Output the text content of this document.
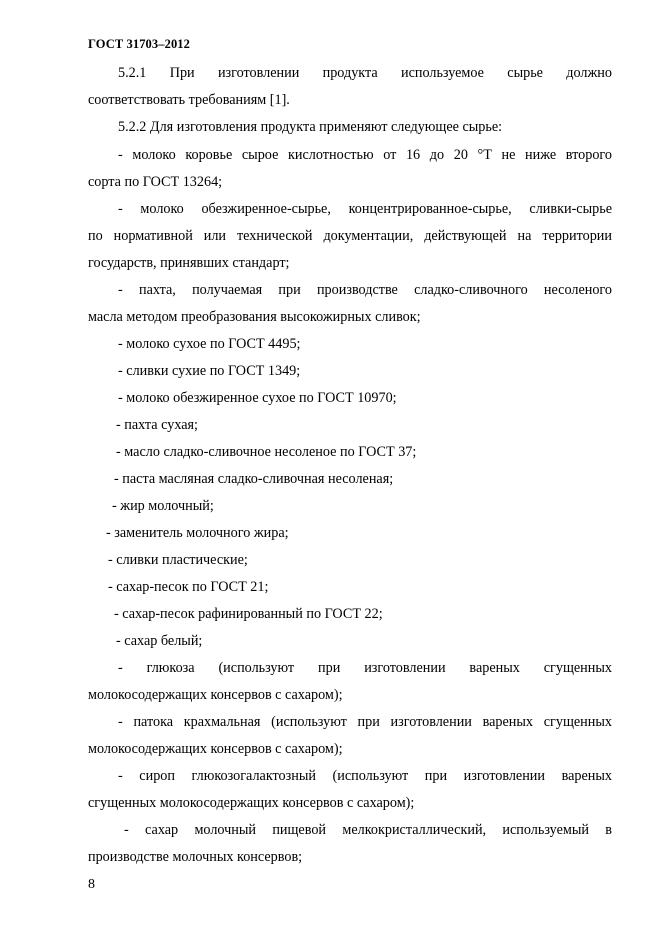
ГОСТ 31703–2012
5.2.1 При изготовлении продукта используемое сырье должно
соответствовать требованиям [1].
5.2.2 Для изготовления продукта применяют следующее сырье:
- молоко коровье сырое кислотностью от 16 до 20 °Т не ниже второго
сорта по ГОСТ 13264;
- молоко обезжиренное-сырье, концентрированное-сырье, сливки-сырье
по нормативной или технической документации, действующей на территории
государств, принявших стандарт;
- пахта, получаемая при производстве сладко-сливочного несоленого
масла методом преобразования высокожирных сливок;
- молоко сухое по ГОСТ 4495;
- сливки сухие по ГОСТ 1349;
- молоко обезжиренное сухое по ГОСТ 10970;
- пахта сухая;
- масло сладко-сливочное несоленое по ГОСТ 37;
- паста масляная сладко-сливочная несоленая;
- жир молочный;
- заменитель молочного жира;
- сливки пластические;
- сахар-песок по ГОСТ 21;
- сахар-песок рафинированный по ГОСТ 22;
- сахар белый;
- глюкоза (используют при изготовлении вареных сгущенных
молокосодержащих консервов с сахаром);
- патока крахмальная (используют при изготовлении вареных сгущенных
молокосодержащих консервов с сахаром);
- сироп глюкозогалактозный (используют при изготовлении вареных
сгущенных молокосодержащих консервов с сахаром);
- сахар молочный пищевой мелкокристаллический, используемый в
производстве молочных консервов;
8
